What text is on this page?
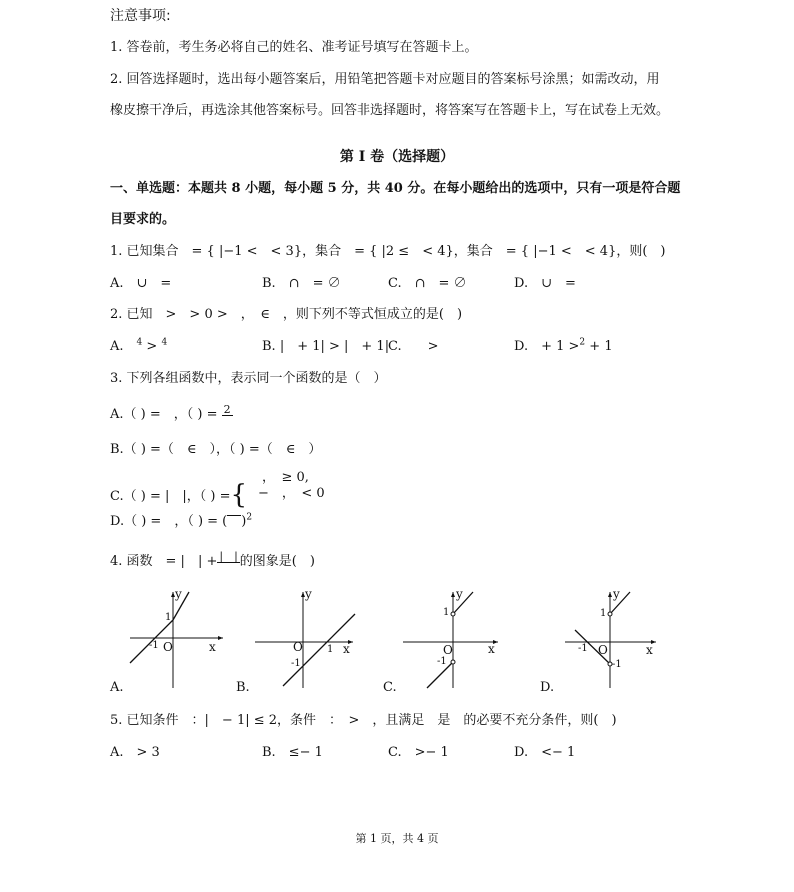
注意事项:
1. 答卷前，考生务必将自己的姓名、准考证号填写在答题卡上。
2. 回答选择题时，选出每小题答案后，用铅笔把答题卡对应题目的答案标号涂黑；如需改动，用
橡皮擦干净后，再选涂其他答案标号。回答非选择题时，将答案写在答题卡上，写在试卷上无效。
第 I 卷（选择题）
一、单选题：本题共 8 小题，每小题 5 分，共 40 分。在每小题给出的选项中，只有一项是符合题
目要求的。
1. 已知集合　= { |−1 <　< 3}，集合　= { |2 ≤　< 4}，集合　= { |−1 <　< 4}，则(　)
A.　∪　=	B.　∩　= ∅	C.　∩　= ∅	D.　∪　=
2. 已知　>　> 0 >　，　∈　，则下列不等式恒成立的是(　)
A.　$^4$ > $^4$	B. |　+ 1| > |　+ 1|
C.　　>	D.　+ 1 >$^2$ + 1
3. 下列各组函数中，表示同一个函数的是（　）
A.（ ) =　，（ ) = 2
B.（ ) =（　∈　），（ ) =（　∈　）
C.（ ) = |　|，（ ) ={
，　≥ 0,
−　，　< 0
D.（ ) =　，（ ) = ( )$^2$
4. 函数　= |　| + |　| 的图象是(　)
y
x
O
-1
1
A.
y
x
O 1
-1
B.
y
x
O
1
-1
C.
y
x
O
1
-1
-1
D.
5. 已知条件　：|　− 1| ≤ 2，条件　：　>　，且满足　是　的必要不充分条件，则(　)
A.　> 3	B.　≤− 1	C.　>− 1	D.　<− 1
第 1 页，共 4 页
